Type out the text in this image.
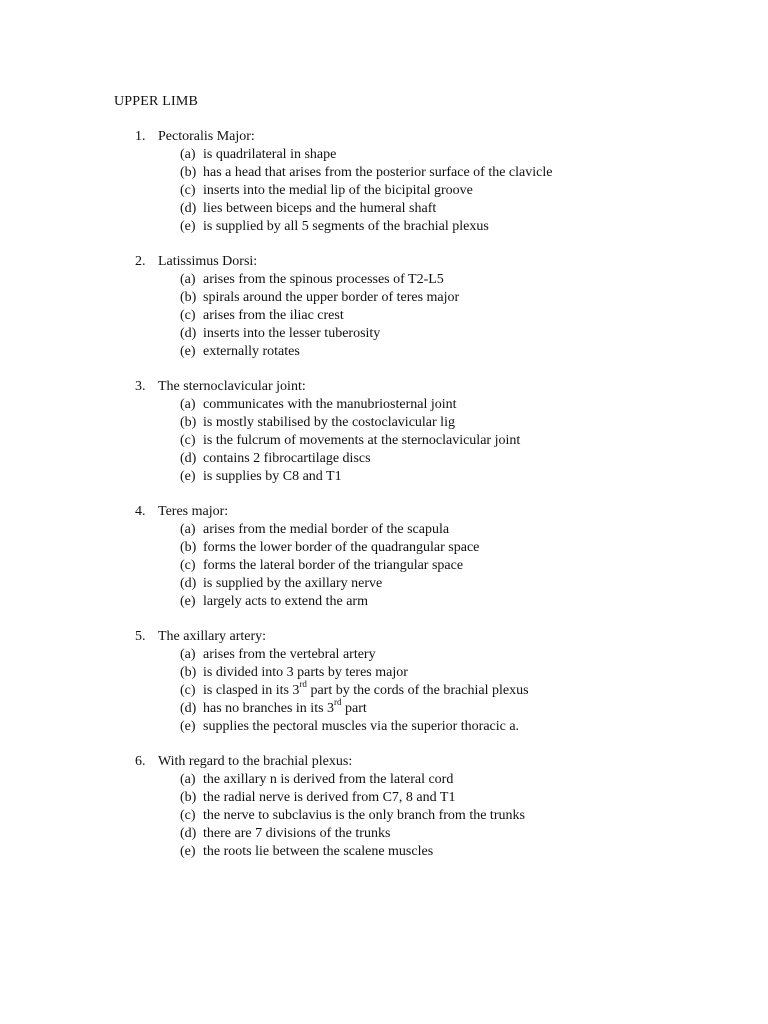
UPPER LIMB
1. Pectoralis Major:
(a) is quadrilateral in shape
(b) has a head that arises from the posterior surface of the clavicle
(c) inserts into the medial lip of the bicipital groove
(d) lies between biceps and the humeral shaft
(e) is supplied by all 5 segments of the brachial plexus
2. Latissimus Dorsi:
(a) arises from the spinous processes of T2-L5
(b) spirals around the upper border of teres major
(c) arises from the iliac crest
(d) inserts into the lesser tuberosity
(e) externally rotates
3. The sternoclavicular joint:
(a) communicates with the manubriosternal joint
(b) is mostly stabilised by the costoclavicular lig
(c) is the fulcrum of movements at the sternoclavicular joint
(d) contains 2 fibrocartilage discs
(e) is supplies by C8 and T1
4. Teres major:
(a) arises from the medial border of the scapula
(b) forms the lower border of the quadrangular space
(c) forms the lateral border of the triangular space
(d) is supplied by the axillary nerve
(e) largely acts to extend the arm
5. The axillary artery:
(a) arises from the vertebral artery
(b) is divided into 3 parts by teres major
(c) is clasped in its 3rd part by the cords of the brachial plexus
(d) has no branches in its 3rd part
(e) supplies the pectoral muscles via the superior thoracic a.
6. With regard to the brachial plexus:
(a) the axillary n is derived from the lateral cord
(b) the radial nerve is derived from C7, 8 and T1
(c) the nerve to subclavius is the only branch from the trunks
(d) there are 7 divisions of the trunks
(e) the roots lie between the scalene muscles
